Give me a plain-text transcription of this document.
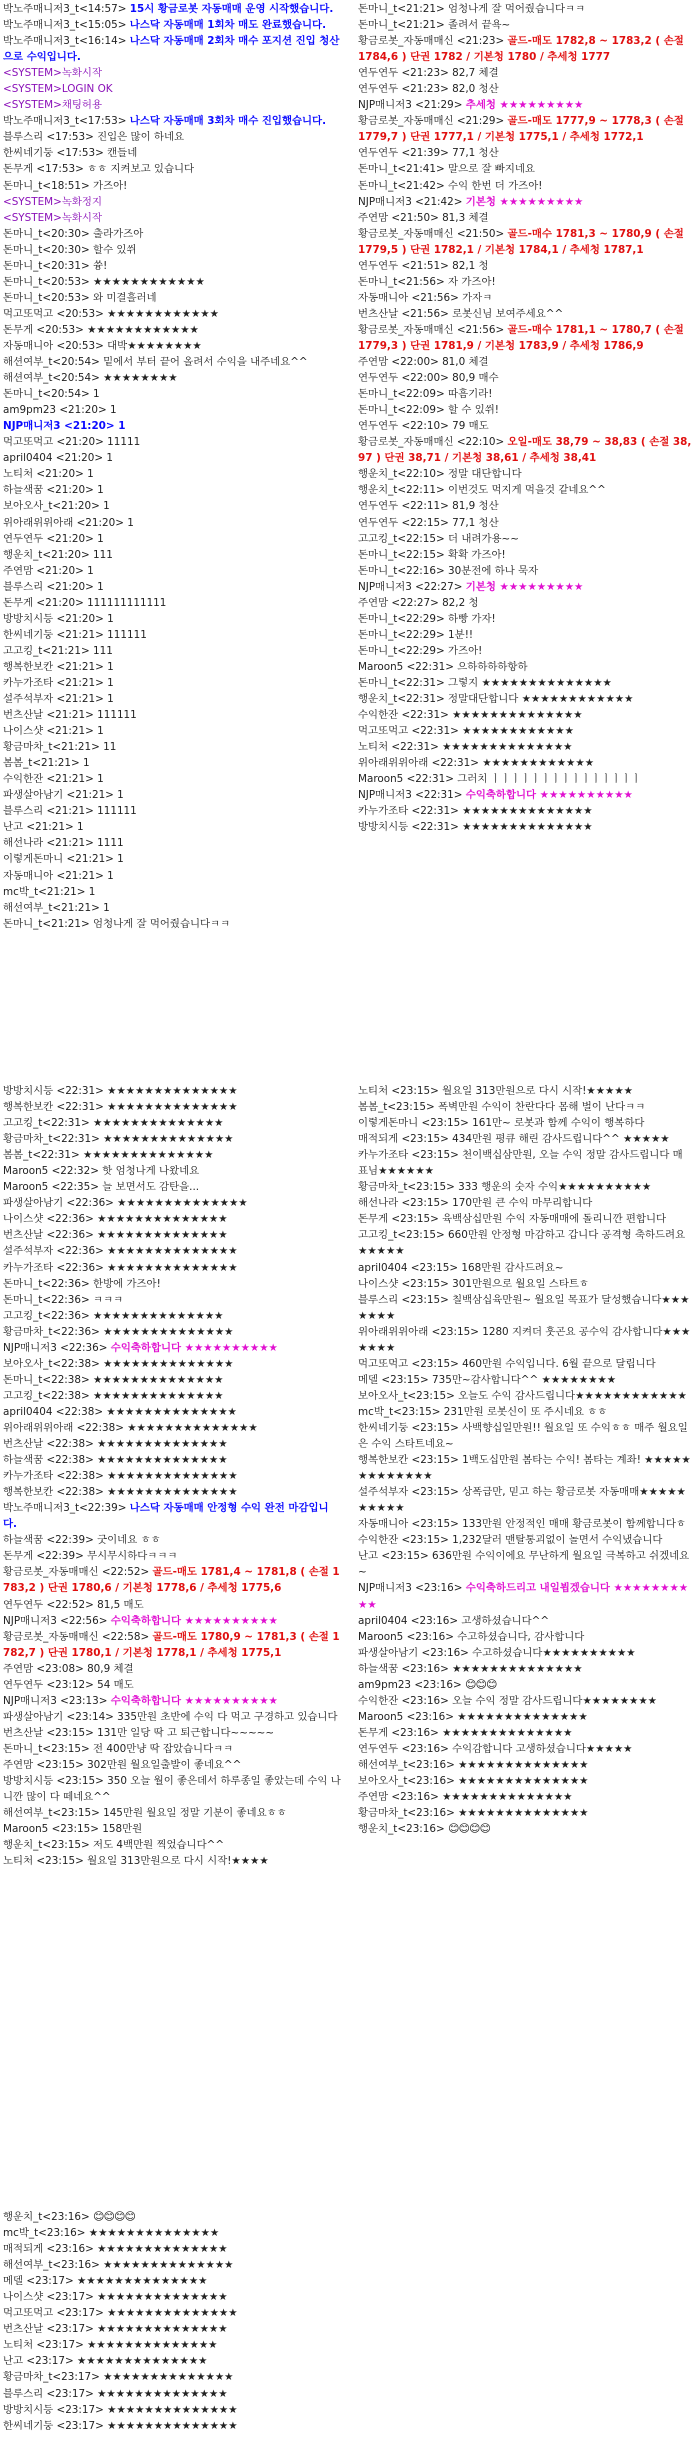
박노주매니저3_t<14:57> 15시 황금로봇 자동매매 운영 시작했습니다.
박노주매니저3_t<15:05> 나스닥 자동매매 1회차 매도 완료했습니다.
박노주매니저3_t<16:14> 나스닥 자동매매 2회차 매수 포지션 진입 청산으로 수익입니다.
<SYSTEM>녹화시작
<SYSTEM>LOGIN OK
<SYSTEM>채팅허용
박노주매니저3_t<17:53> 나스닥 자동매매 3회차 매수 진입했습니다.
블루스리 <17:53> 진입은 많이 하네요
한씨네기둥 <17:53> 캔들네
돈무게 <17:53> ㅎㅎ 지켜보고 있습니다
돈마니_t<18:51> 가즈아!
<SYSTEM>녹화정지
<SYSTEM>녹화시작
돈마니_t<20:30> 출라가즈아
돈마니_t<20:30> 할수 있쒸
돈마니_t<20:31> 쓩!
돈마니_t<20:53> ★★★★★★★★★★★★
돈마니_t<20:53> 와 미결흘러네
먹고또먹고 <20:53> ★★★★★★★★★★★★
돈무게 <20:53> ★★★★★★★★★★★★
자동매니아 <20:53> 대박★★★★★★★★
해션여부_t<20:54> 밑에서 부터 끝어 올려서 수익을 내주네요^^
해션여부_t<20:54> ★★★★★★★★
돈마니_t<20:54> 1
am9pm23 <21:20> 1
NJP매니저3 <21:20> 1
먹고또먹고 <21:20> 11111
april0404 <21:20> 1
노티처 <21:20> 1
하늘색꿈 <21:20> 1
보아오사_t<21:20> 1
위아래위위아래 <21:20> 1
연두연두 <21:20> 1
행운치_t<21:20> 111
주연맘 <21:20> 1
블루스리 <21:20> 1
돈무게 <21:20> 111111111111
방방치시등 <21:20> 1
한씨네기둥 <21:21> 111111
고고킹_t<21:21> 111
행복한보칸 <21:21> 1
카누가조타 <21:21> 1
설주석부자 <21:21> 1
번츠산날 <21:21> 111111
나이스샷 <21:21> 1
황금마차_t<21:21> 11
봄봄_t<21:21> 1
수익한잔 <21:21> 1
파생살아남기 <21:21> 1
블루스리 <21:21> 111111
난고 <21:21> 1
해선나라 <21:21> 1111
이렇게돈마니 <21:21> 1
자동매니아 <21:21> 1
mc박_t<21:21> 1
해선여부_t<21:21> 1
돈마니_t<21:21> 엄청나게 잘 먹어줬습니다ㅋㅋ
돈마니_t<21:21> 엄청나게 잘 먹어줬습니다ㅋㅋ
돈마니_t<21:21> 졸려서 끝욕~
황금로봇_자동매매신 <21:23> 골드-매도 1782,8 ~ 1783,2 ( 손절 1784,6 ) 단권 1782 / 기본청 1780 / 추세청 1777
연두연두 <21:23> 82,7 체결
연두연두 <21:23> 82,0 청산
NJP매니저3 <21:29> 추세청 ★★★★★★★★★
황금로봇_자동매매신 <21:29> 골드-매도 1777,9 ~ 1778,3 ( 손절 1779,7 ) 단권 1777,1 / 기본청 1775,1 / 추세청 1772,1
연두연두 <21:39> 77,1 청산
돈마니_t<21:41> 말으로 잘 빠지네요
돈마니_t<21:42> 수익 한번 더 가즈아!
NJP매니저3 <21:42> 기본청 ★★★★★★★★★
주연맘 <21:50> 81,3 체결
황금로봇_자동매매신 <21:50> 골드-매수 1781,3 ~ 1780,9 ( 손절 1779,5 ) 단권 1782,1 / 기본청 1784,1 / 추세청 1787,1
연두연두 <21:51> 82,1 청
돈마니_t<21:56> 자 가즈아!
자동매니아 <21:56> 가자ㅋ
번츠산날 <21:56> 로봇신님 보여주세요^^
황금로봇_자동매매신 <21:56> 골드-매수 1781,1 ~ 1780,7 ( 손절 1779,3 ) 단권 1781,9 / 기본청 1783,9 / 추세청 1786,9
주연맘 <22:00> 81,0 체결
연두연두 <22:00> 80,9 매수
돈마니_t<22:09> 따흠기라!
돈마니_t<22:09> 할 수 있쒸!
연두연두 <22:10> 79 매도
황금로봇_자동매매신 <22:10> 오일-매도 38,79 ~ 38,83 ( 손절 38,97 ) 단권 38,71 / 기본청 38,61 / 추세청 38,41
행운치_t<22:10> 정말 대단합니다
행운치_t<22:11> 이번것도 먹지게 먹을것 같네요^^
연두연두 <22:11> 81,9 청산
연두연두 <22:15> 77,1 청산
고고킹_t<22:15> 더 내려가용~~
돈마니_t<22:15> 확확 가즈아!
돈마니_t<22:16> 30분전에 하나 묵자
NJP매니저3 <22:27> 기본청 ★★★★★★★★★
주연맘 <22:27> 82,2 청
돈마니_t<22:29> 하빵 가자!
돈마니_t<22:29> 1분!!
돈마니_t<22:29> 가즈아!
Maroon5 <22:31> 으하하하하항하
돈마니_t<22:31> 그렇지 ★★★★★★★★★★★★★★
행운치_t<22:31> 정말대단합니다 ★★★★★★★★★★★★
수익한잔 <22:31> ★★★★★★★★★★★★★★
먹고또먹고 <22:31> ★★★★★★★★★★★★
노티처 <22:31> ★★★★★★★★★★★★★★
위아래위위아래 <22:31> ★★★★★★★★★★★★
Maroon5 <22:31> 그러치 ㅣㅣㅣㅣㅣㅣㅣㅣㅣㅣㅣㅣㅣㅣㅣ
NJP매니저3 <22:31> 수익축하합니다 ★★★★★★★★★★
카누가조타 <22:31> ★★★★★★★★★★★★★★
방방치시등 <22:31> ★★★★★★★★★★★★★★
방방치시등 <22:31> ★★★★★★★★★★★★★★
행복한보칸 <22:31> ★★★★★★★★★★★★★★
고고킹_t<22:31> ★★★★★★★★★★★★★★
황금마차_t<22:31> ★★★★★★★★★★★★★★
봄봄_t<22:31> ★★★★★★★★★★★★★★
Maroon5 <22:32> 핫 엄청나게 나왔네요
Maroon5 <22:35> 늘 보면서도 감탄을...
파생살아남기 <22:36> ★★★★★★★★★★★★★★
나이스샷 <22:36> ★★★★★★★★★★★★★★
번츠산날 <22:36> ★★★★★★★★★★★★★★
설주석부자 <22:36> ★★★★★★★★★★★★★★
카누가조타 <22:36> ★★★★★★★★★★★★★★
돈마니_t<22:36> 한방에 가즈아!
돈마니_t<22:36> ㅋㅋㅋ
고고킹_t<22:36> ★★★★★★★★★★★★★★
황금마차_t<22:36> ★★★★★★★★★★★★★★
NJP매니저3 <22:36> 수익축하합니다 ★★★★★★★★★★
보아오사_t<22:38> ★★★★★★★★★★★★★★
돈마니_t<22:38> ★★★★★★★★★★★★★★
고고킹_t<22:38> ★★★★★★★★★★★★★★
april0404 <22:38> ★★★★★★★★★★★★★★
위아래위위아래 <22:38> ★★★★★★★★★★★★★★
번츠산날 <22:38> ★★★★★★★★★★★★★★
하늘색꿈 <22:38> ★★★★★★★★★★★★★★
카누가조타 <22:38> ★★★★★★★★★★★★★★
행복한보칸 <22:38> ★★★★★★★★★★★★★★
박노주매니저3_t<22:39> 나스닥 자동매매 안정형 수익 완전 마감입니다.
하늘색꿈 <22:39> 굿이네요 ㅎㅎ
돈무게 <22:39> 무시무시하다ㅋㅋㅋ
황금로봇_자동매매신 <22:52> 골드-매도 1781,4 ~ 1781,8 ( 손절 1783,2 ) 단권 1780,6 / 기본청 1778,6 / 추세청 1775,6
연두연두 <22:52> 81,5 매도
NJP매니저3 <22:56> 수익축하합니다 ★★★★★★★★★★
황금로봇_자동매매신 <22:58> 골드-매도 1780,9 ~ 1781,3 ( 손절 1782,7 ) 단권 1780,1 / 기본청 1778,1 / 추세청 1775,1
주연맘 <23:08> 80,9 체결
연두연두 <23:12> 54 매도
NJP매니저3 <23:13> 수익축하합니다 ★★★★★★★★★★
파생살아남기 <23:14> 335만원 초반에 수익 다 먹고 구경하고 있습니다
번츠산날 <23:15> 131만 일당 딱 고 퇴근합니다~~~~~
돈마니_t<23:15> 전 400만냥 딱 잡았습니다ㅋㅋ
주연맘 <23:15> 302만원 월요일출발이 좋네요^^
방방치시등 <23:15> 350 오늘 월이 좋은데서 하루종일 좋았는데 수익 나니깐 많이 다 떼네요^^
해선여부_t<23:15> 145만원 월요일 정말 기분이 좋네요ㅎㅎ
Maroon5 <23:15> 158만원
행운치_t<23:15> 저도 4백만원 찍었습니다^^
노티처 <23:15> 월요일 313만원으로 다시 시작!★★★★
노티처 <23:15> 월요일 313만원으로 다시 시작!★★★★★
봄봄_t<23:15> 폭벽만원 수익이 찬란다다 몸해 벌이 난다ㅋㅋ
이렇게돈마니 <23:15> 161만~ 로봇과 함께 수익이 행복하다
매적되게 <23:15> 434만원 평큐 해린 감사드립니다^^ ★★★★★
카누가조타 <23:15> 천이백십삼만원, 오늘 수익 정말 감사드립니다 매표님★★★★★★
황금마차_t<23:15> 333 행운의 숫자 수익★★★★★★★★★★
해선나라 <23:15> 170만원 큰 수익 마무리합니다
돈무게 <23:15> 육백삼십만원 수익 자동매매에 돌리니깐 편합니다
고고킹_t<23:15> 660만원 안정형 마감하고 갑니다 공격형 축하드려요★★★★★
april0404 <23:15> 168만원 감사드려요~
나이스샷 <23:15> 301만원으로 월요일 스타트ㅎ
블루스리 <23:15> 칠백삼십육만원~ 월요일 목표가 달성했습니다★★★★★★★
위아래위위아래 <23:15> 1280 지켜더 훗곤요 공수익 감사합니다★★★★★★★
먹고또먹고 <23:15> 460만원 수익입니다. 6월 끝으로 달립니다
메델 <23:15> 735만~감사합니다^^ ★★★★★★★★
보아오사_t<23:15> 오늘도 수익 감사드립니다★★★★★★★★★★★★
mc박_t<23:15> 231만원 로봇신이 또 주시네요 ㅎㅎ
한씨네기둥 <23:15> 사백향십일만원!! 월요일 또 수익ㅎㅎ 매주 월요일은 수익 스타트네요~
행복한보칸 <23:15> 1백도십만원 봄타는 수익! 봄타는 계좌! ★★★★★★★★★★★★★
설주석부자 <23:15> 상폭급만, 믿고 하는 황금로봇 자동매매★★★★★★★★★★
자동매니아 <23:15> 133만원 안정적인 매매 황금로봇이 함께합니다ㅎ
수익한잔 <23:15> 1,232달러 맨탈통괴없이 놀면서 수익냈습니다
난고 <23:15> 636만원 수익이에요 무난하게 월요일 극복하고 쉬겠네요~
NJP매니저3 <23:16> 수익축하드리고 내일뵙겠습니다 ★★★★★★★★★★
april0404 <23:16> 고생하셨습니다^^
Maroon5 <23:16> 수고하셨습니다, 감사합니다
파생살아남기 <23:16> 수고하셨습니다★★★★★★★★★★
하늘색꿈 <23:16> ★★★★★★★★★★★★★★
am9pm23 <23:16> 😊😊😊
수익한잔 <23:16> 오늘 수익 정말 감사드립니다★★★★★★★★
Maroon5 <23:16> ★★★★★★★★★★★★★★
돈무게 <23:16> ★★★★★★★★★★★★★★
연두연두 <23:16> 수익감합니다 고생하셨습니다★★★★★
해선여부_t<23:16> ★★★★★★★★★★★★★★
보아오사_t<23:16> ★★★★★★★★★★★★★★
주연맘 <23:16> ★★★★★★★★★★★★★★
황금마차_t<23:16> ★★★★★★★★★★★★★★
행운치_t<23:16> 😊😊😊😊
행운치_t<23:16> 😊😊😊😊
mc박_t<23:16> ★★★★★★★★★★★★★★
매적되게 <23:16> ★★★★★★★★★★★★★★
해선여부_t<23:16> ★★★★★★★★★★★★★★
메델 <23:17> ★★★★★★★★★★★★★★
나이스샷 <23:17> ★★★★★★★★★★★★★★
먹고또먹고 <23:17> ★★★★★★★★★★★★★★
번츠산날 <23:17> ★★★★★★★★★★★★★★
노티처 <23:17> ★★★★★★★★★★★★★★
난고 <23:17> ★★★★★★★★★★★★★★
황금마차_t<23:17> ★★★★★★★★★★★★★★
블루스리 <23:17> ★★★★★★★★★★★★★★
방방치시등 <23:17> ★★★★★★★★★★★★★★
한씨네기둥 <23:17> ★★★★★★★★★★★★★★
